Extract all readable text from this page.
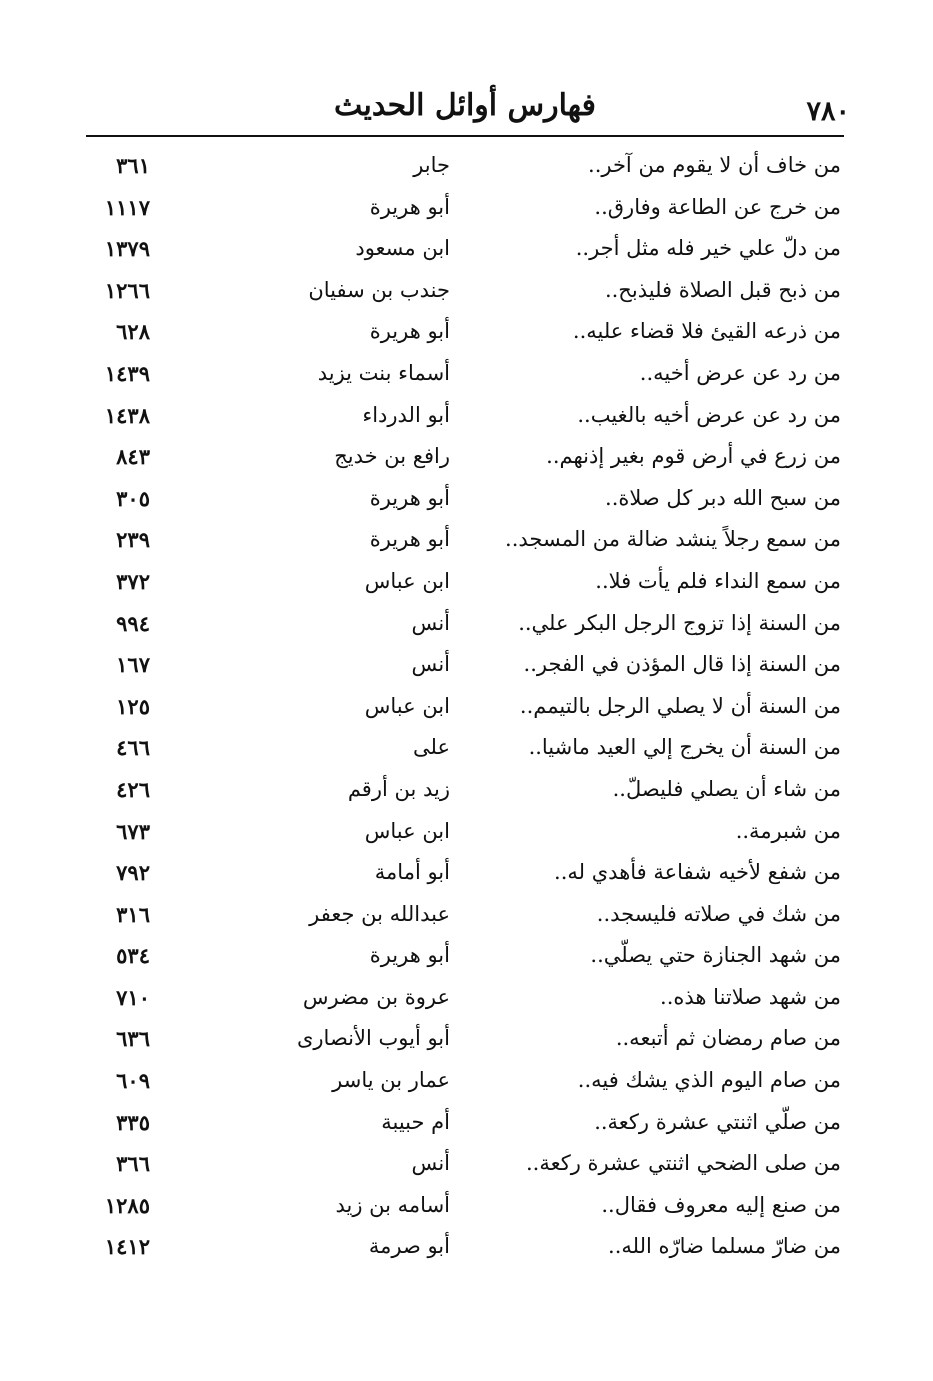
٧٨٠
فهارس أوائل الحديث
من خاف أن لا يقوم من آخر..
جابر
٣٦١
من خرج عن الطاعة وفارق..
أبو هريرة
١١١٧
من دلّ علي خير فله مثل أجر..
ابن مسعود
١٣٧٩
من ذبح قبل الصلاة فليذبح..
جندب بن سفيان
١٢٦٦
من ذرعه القيئ فلا قضاء عليه..
أبو هريرة
٦٢٨
من رد عن عرض أخيه..
أسماء بنت يزيد
١٤٣٩
من رد عن عرض أخيه بالغيب..
أبو الدرداء
١٤٣٨
من زرع في أرض قوم بغير إذنهم..
رافع بن خديج
٨٤٣
من سبح الله دبر كل صلاة..
أبو هريرة
٣٠٥
من سمع رجلاً ينشد ضالة من المسجد..
أبو هريرة
٢٣٩
من سمع النداء فلم يأت فلا..
ابن عباس
٣٧٢
من السنة إذا تزوج الرجل البكر علي..
أنس
٩٩٤
من السنة إذا قال المؤذن في الفجر..
أنس
١٦٧
من السنة أن لا يصلي الرجل بالتيمم..
ابن عباس
١٢٥
من السنة أن يخرج إلي العيد ماشيا..
على
٤٦٦
من شاء أن يصلي فليصلّ..
زيد بن أرقم
٤٢٦
من شبرمة..
ابن عباس
٦٧٣
من شفع لأخيه شفاعة فأهدي له..
أبو أمامة
٧٩٢
من شك في صلاته فليسجد..
عبدالله بن جعفر
٣١٦
من شهد الجنازة حتي يصلّي..
أبو هريرة
٥٣٤
من شهد صلاتنا هذه..
عروة بن مضرس
٧١٠
من صام رمضان ثم أتبعه..
أبو أيوب الأنصارى
٦٣٦
من صام اليوم الذي يشك فيه..
عمار بن ياسر
٦٠٩
من صلّي اثنتي عشرة ركعة..
أم حبيبة
٣٣٥
من صلى الضحي اثنتي عشرة ركعة..
أنس
٣٦٦
من صنع إليه معروف فقال..
أسامه بن زيد
١٢٨٥
من ضارّ مسلما ضارّه الله..
أبو صرمة
١٤١٢
